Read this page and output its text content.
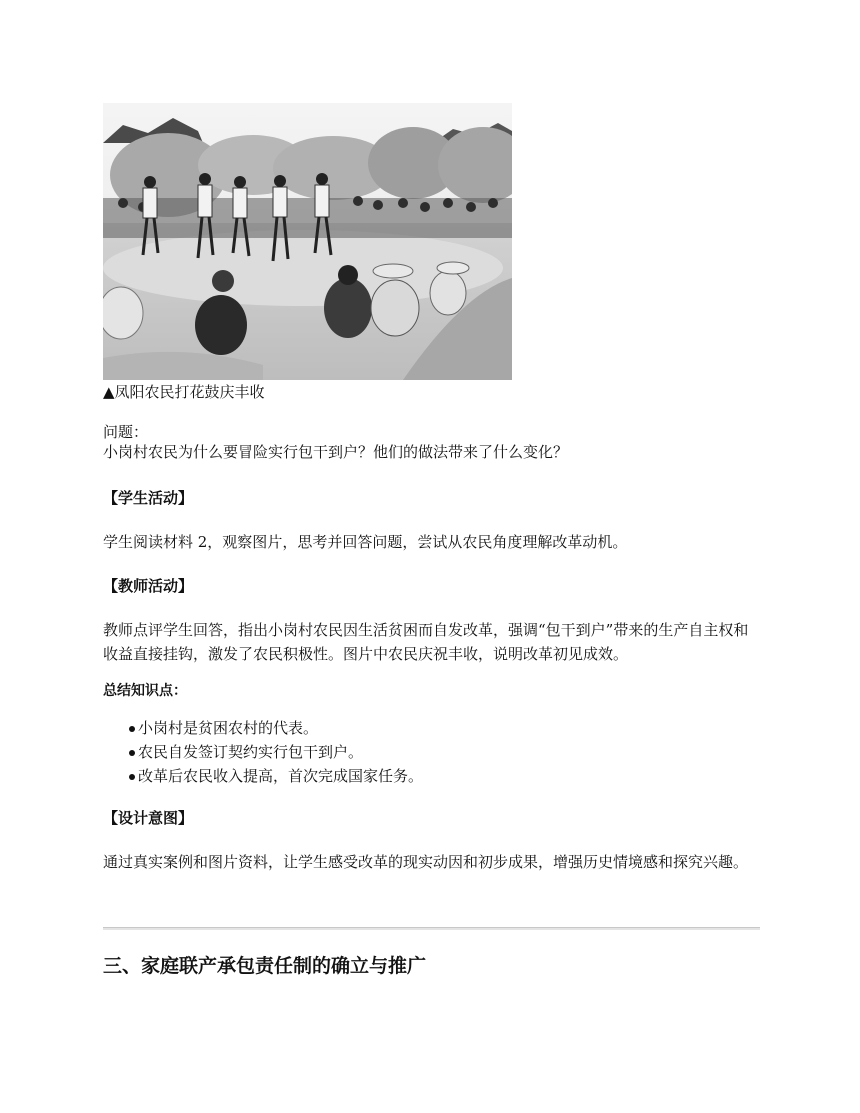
▲凤阳农民打花鼓庆丰收
问题：
小岗村农民为什么要冒险实行包干到户？他们的做法带来了什么变化？
【学生活动】
学生阅读材料 2，观察图片，思考并回答问题，尝试从农民角度理解改革动机。
【教师活动】
教师点评学生回答，指出小岗村农民因生活贫困而自发改革，强调“包干到户”带来的生产自主权和收益直接挂钩，激发了农民积极性。图片中农民庆祝丰收，说明改革初见成效。
总结知识点：
小岗村是贫困农村的代表。
农民自发签订契约实行包干到户。
改革后农民收入提高，首次完成国家任务。
【设计意图】
通过真实案例和图片资料，让学生感受改革的现实动因和初步成果，增强历史情境感和探究兴趣。
三、家庭联产承包责任制的确立与推广
